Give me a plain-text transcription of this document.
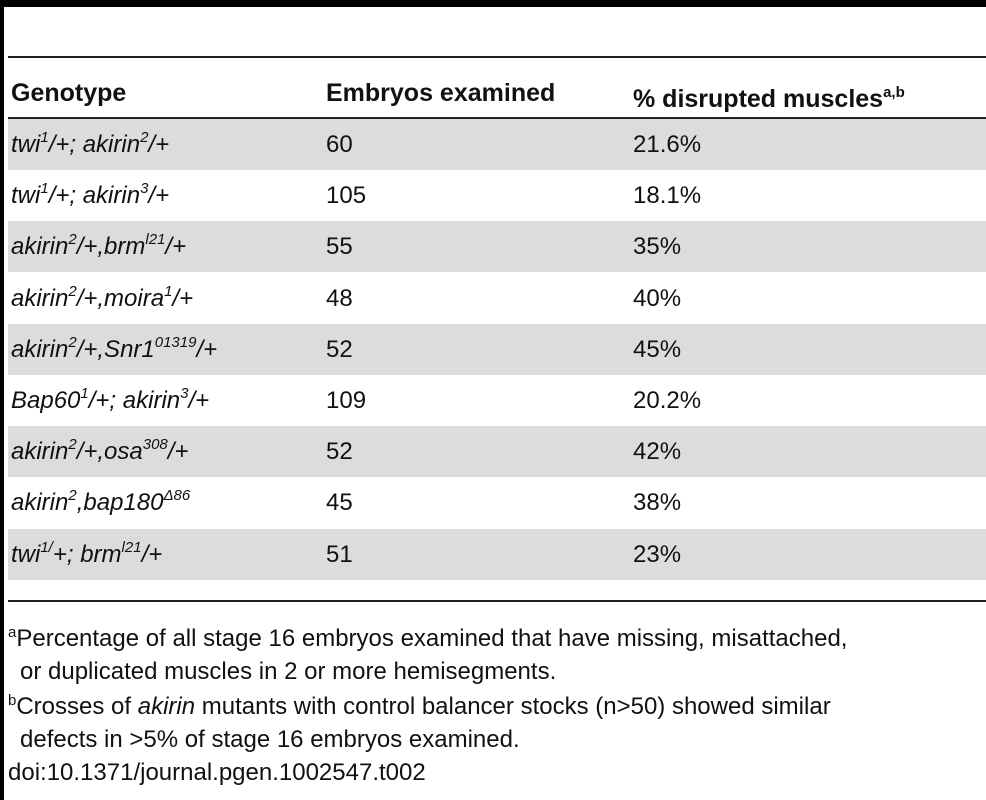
Genotype	Embryos examined	% disrupted muscles$^{a,b}$
twi$^1$/+; akirin$^2$/+	60	21.6%
twi$^1$/+; akirin$^3$/+	105	18.1%
akirin$^2$/+,brm$^{l21}$/+	55	35%
akirin$^2$/+,moira$^1$/+	48	40%
$akirin^2/+,Snr1^{01319}/+$	52	45%
$Bap60^1/+$; akirin$^3$/+	109	20.2%
akirin$^2$/+,osa$^{308}$/+	52	42%
$akirin^2,bap180^{\Delta 86}$	45	38%
twi$^{1/}$+; brm$^{l21}$/+	51	23%
$^a$Percentage of all stage 16 embryos examined that have missing, misattached,
or duplicated muscles in 2 or more hemisegments.
$^b$Crosses of akirin mutants with control balancer stocks (n>50) showed similar
defects in >5% of stage 16 embryos examined.
doi:10.1371/journal.pgen.1002547.t002
